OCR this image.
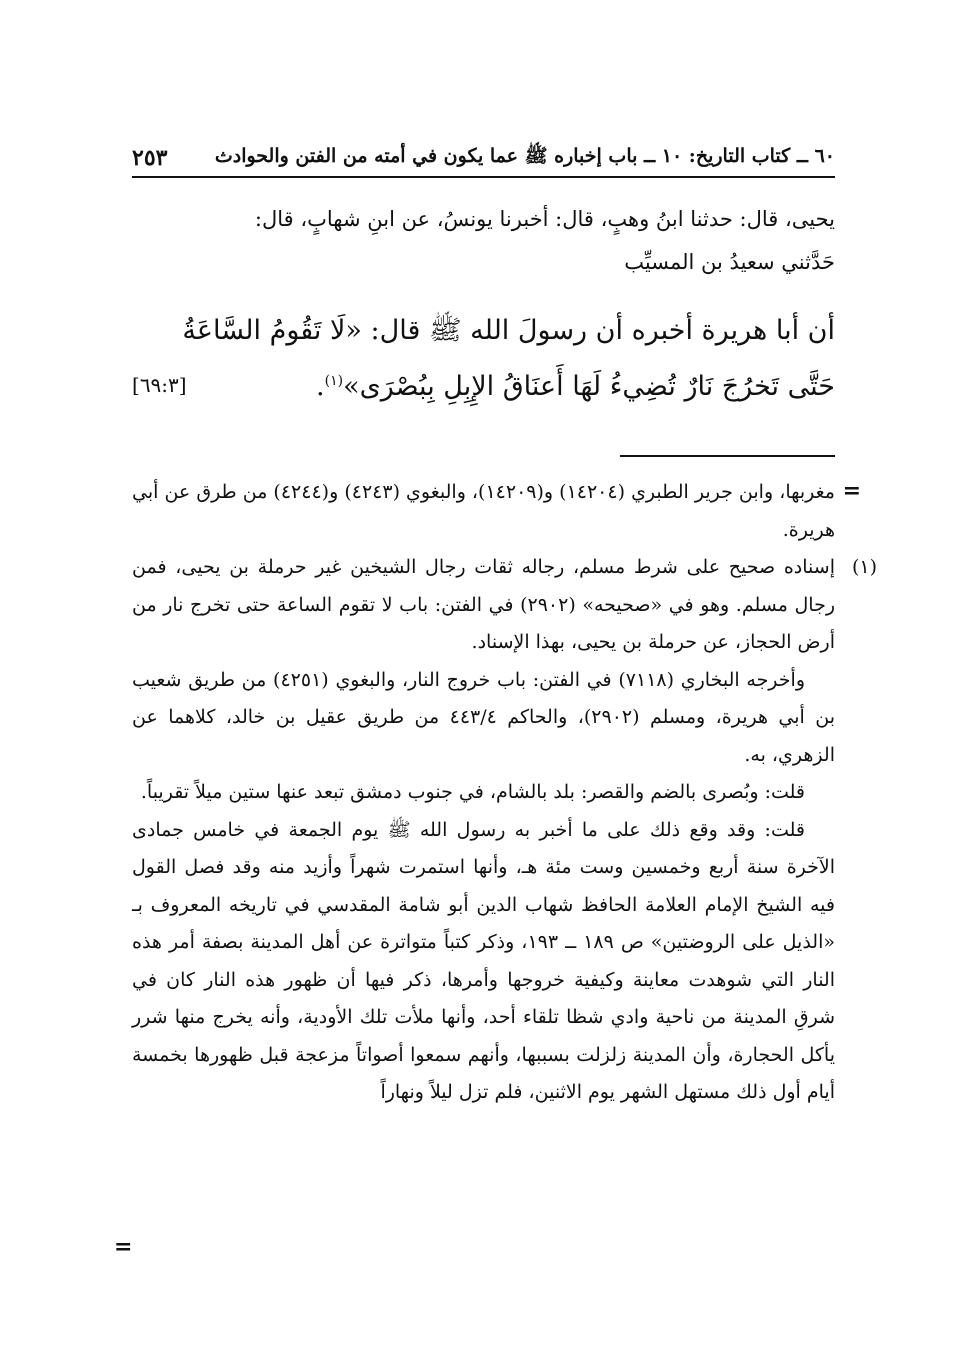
٦٠ ــ كتاب التاريخ: ١٠ ــ باب إخباره ﷺ عما يكون في أمته من الفتن والحوادث
٢٥٣

يحيى، قال: حدثنا ابنُ وهبٍ، قال: أخبرنا يونسُ، عن ابنِ شهابٍ، قال:

حَدَّثني سعيدُ بن المسيِّب

أن أبا هريرة أخبره أن رسولَ الله ﷺ قال: «لَا تَقُومُ السَّاعَةُ

حَتَّى تَخرُجَ نَارٌ تُضِيءُ لَهَا أَعنَاقُ الإِبِلِ بِبُصْرَى»$^{(١)}$.
[٦٩:٣]

=

مغربها، وابن جرير الطبري (١٤٢٠٤) و(١٤٢٠٩)، والبغوي (٤٢٤٣) و(٤٢٤٤) من طرق عن أبي هريرة.

(١)

إسناده صحيح على شرط مسلم، رجاله ثقات رجال الشيخين غير حرملة بن يحيى، فمن رجال مسلم. وهو في «صحيحه» (٢٩٠٢) في الفتن: باب لا تقوم الساعة حتى تخرج نار من أرض الحجاز، عن حرملة بن يحيى، بهذا الإسناد.

وأخرجه البخاري (٧١١٨) في الفتن: باب خروج النار، والبغوي (٤٢٥١) من طريق شعيب بن أبي هريرة، ومسلم (٢٩٠٢)، والحاكم ٤٤٣/٤ من طريق عقيل بن خالد، كلاهما عن الزهري، به.

قلت: وبُصرى بالضم والقصر: بلد بالشام، في جنوب دمشق تبعد عنها ستين ميلاً تقريباً.

قلت: وقد وقع ذلك على ما أخبر به رسول الله ﷺ يوم الجمعة في خامس جمادى الآخرة سنة أربع وخمسين وست مئة هـ، وأنها استمرت شهراً وأزيد منه وقد فصل القول فيه الشيخ الإمام العلامة الحافظ شهاب الدين أبو شامة المقدسي في تاريخه المعروف بـ «الذيل على الروضتين» ص ١٨٩ ــ ١٩٣، وذكر كتباً متواترة عن أهل المدينة بصفة أمر هذه النار التي شوهدت معاينة وكيفية خروجها وأمرها، ذكر فيها أن ظهور هذه النار كان في شرقِ المدينة من ناحية وادي شظا تلقاء أحد، وأنها ملأت تلك الأودية، وأنه يخرج منها شرر يأكل الحجارة، وأن المدينة زلزلت بسببها، وأنهم سمعوا أصواتاً مزعجة قبل ظهورها بخمسة أيام أول ذلك مستهل الشهر يوم الاثنين، فلم تزل ليلاً ونهاراً

=
